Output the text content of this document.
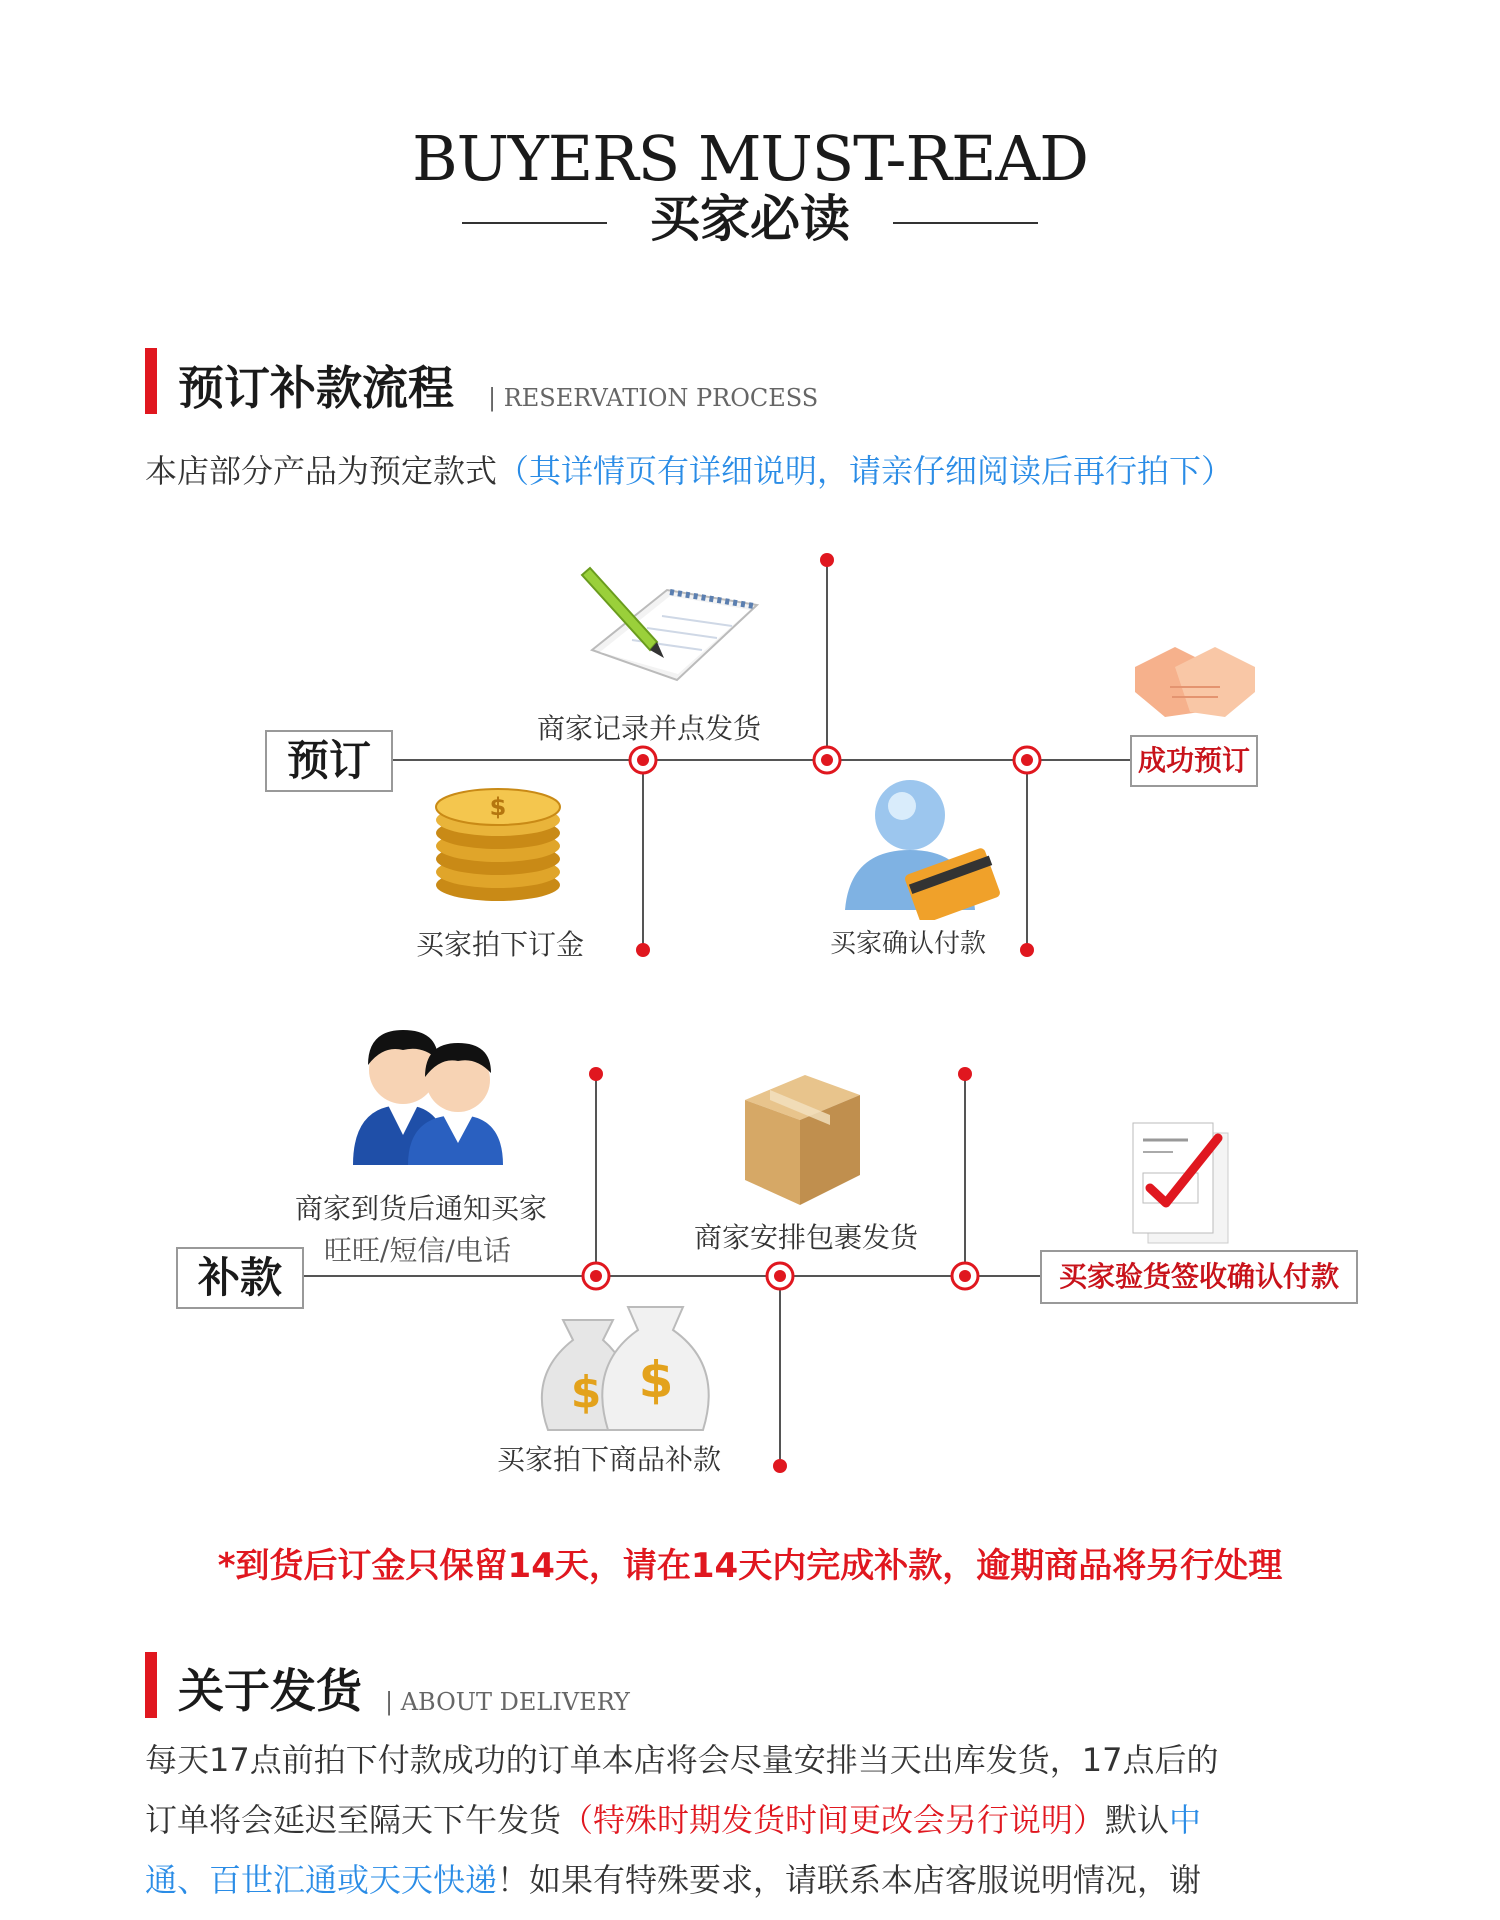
BUYERS MUST-READ
买家必读
预订补款流程 | RESERVATION PROCESS
本店部分产品为预定款式（其详情页有详细说明，请亲仔细阅读后再行拍下）
预订	成功预订
商家记录并点发货
买家拍下订金	买家确认付款
$
补款	买家验货签收确认付款
商家到货后通知买家
旺旺/短信/电话	商家安排包裹发货
买家拍下商品补款
$ $
*到货后订金只保留14天，请在14天内完成补款，逾期商品将另行处理
关于发货 | ABOUT DELIVERY
每天17点前拍下付款成功的订单本店将会尽量安排当天出库发货，17点后的
订单将会延迟至隔天下午发货（特殊时期发货时间更改会另行说明）默认中
通、百世汇通或天天快递！如果有特殊要求，请联系本店客服说明情况，谢
